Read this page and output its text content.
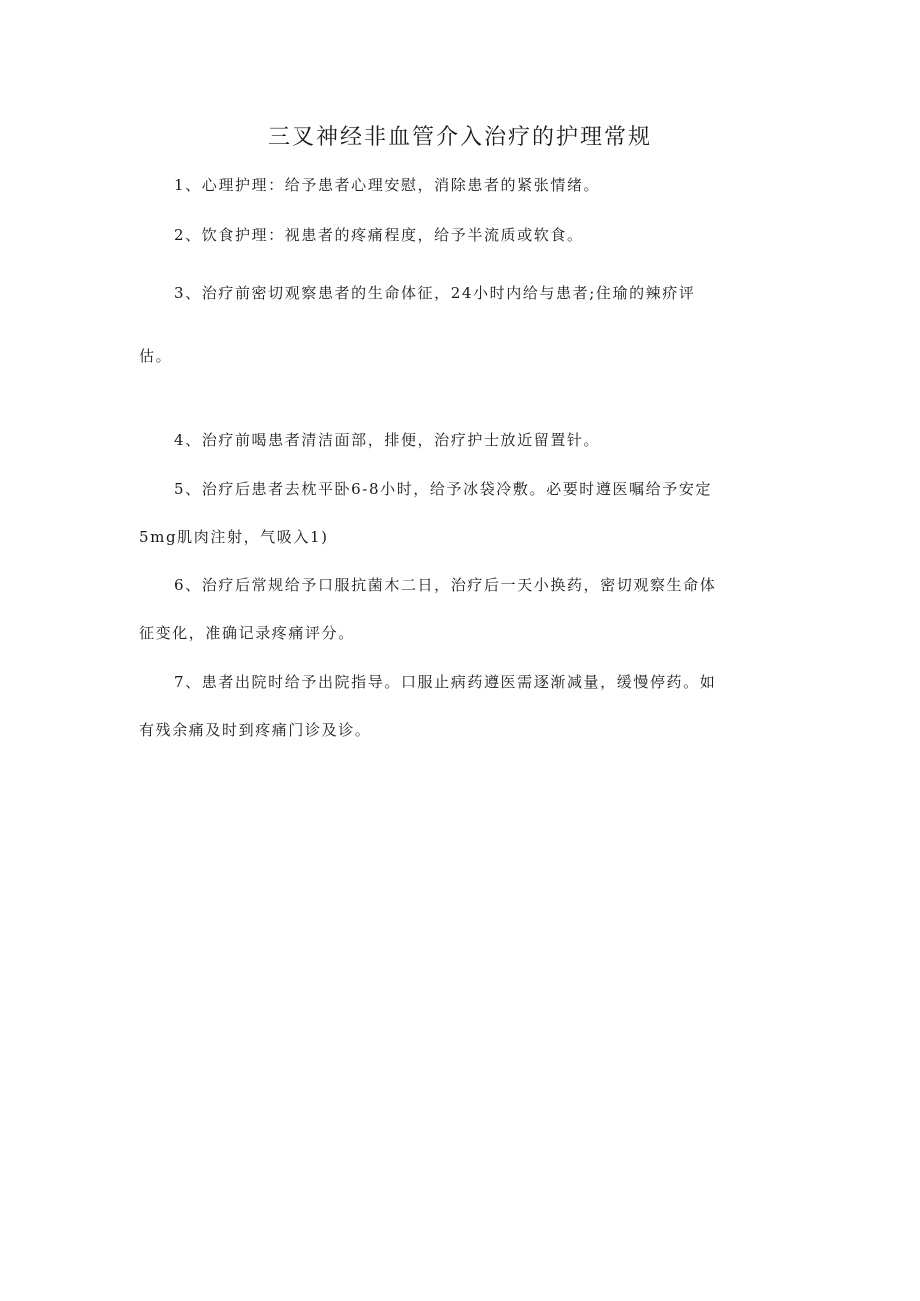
三叉神经非血管介入治疗的护理常规
1、心理护理：给予患者心理安慰，消除患者的紧张情绪。
2、饮食护理：视患者的疼痛程度，给予半流质或软食。
3、治疗前密切观察患者的生命体征，24小时内给与患者;住瑜的辣疥评
估。
4、治疗前喝患者清洁面部，排便，治疗护士放近留置针。
5、治疗后患者去枕平卧6-8小时，给予冰袋冷敷。必要时遵医嘱给予安定
5mg肌肉注射，气吸入1)
6、治疗后常规给予口服抗菌木二日，治疗后一天小换药，密切观察生命体
征变化，准确记录疼痛评分。
7、患者出院时给予出院指导。口服止病药遵医需逐渐减量，缓慢停药。如
有残余痛及时到疼痛门诊及诊。
